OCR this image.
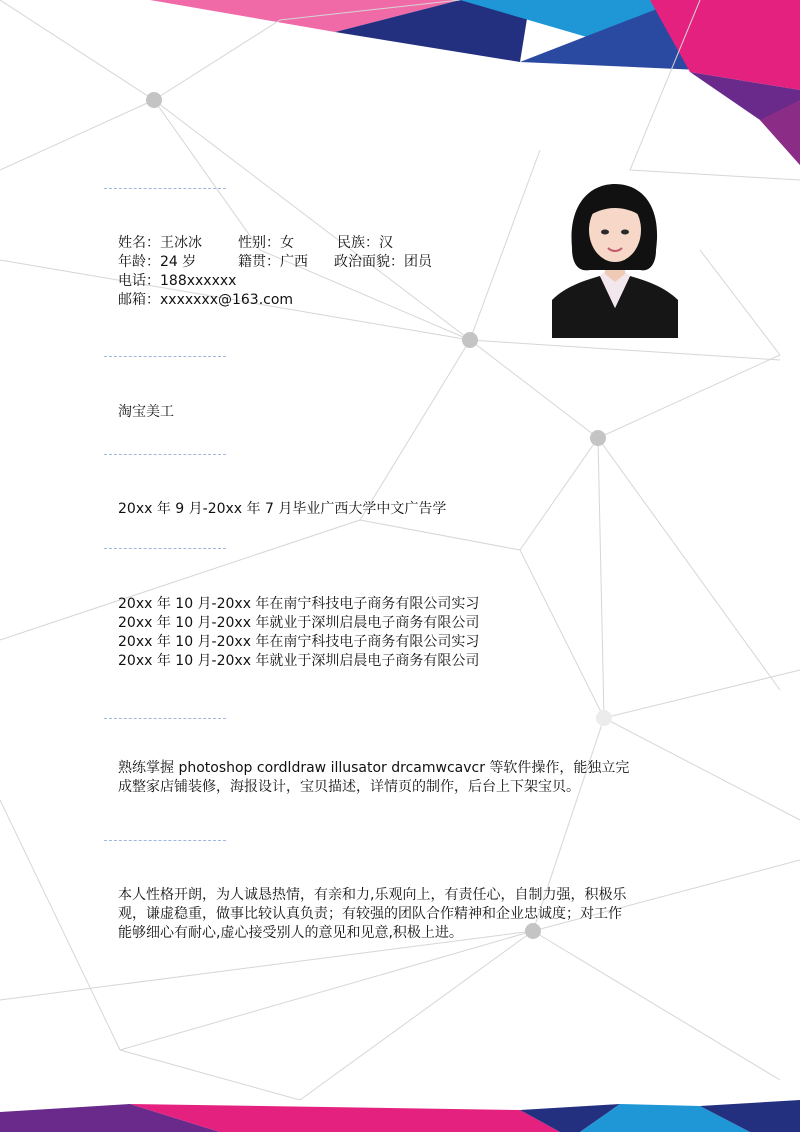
姓名：王冰冰	性别：女	民族：汉
年龄：24 岁	籍贯：广西 政治面貌：团员
电话：188xxxxxx
邮箱：xxxxxxx@163.com
淘宝美工
20xx 年 9 月-20xx 年 7 月毕业广西大学中文广告学
20xx 年 10 月-20xx 年在南宁科技电子商务有限公司实习
20xx 年 10 月-20xx 年就业于深圳启晨电子商务有限公司
20xx 年 10 月-20xx 年在南宁科技电子商务有限公司实习
20xx 年 10 月-20xx 年就业于深圳启晨电子商务有限公司
熟练掌握 photoshop cordldraw illusator drcamwcavcr 等软件操作，能独立完
成整家店铺装修，海报设计，宝贝描述，详情页的制作，后台上下架宝贝。
本人性格开朗，为人诚恳热情，有亲和力,乐观向上，有责任心，自制力强，积极乐
观，谦虚稳重，做事比较认真负责；有较强的团队合作精神和企业忠诚度；对工作
能够细心有耐心,虚心接受别人的意见和见意,积极上进。
